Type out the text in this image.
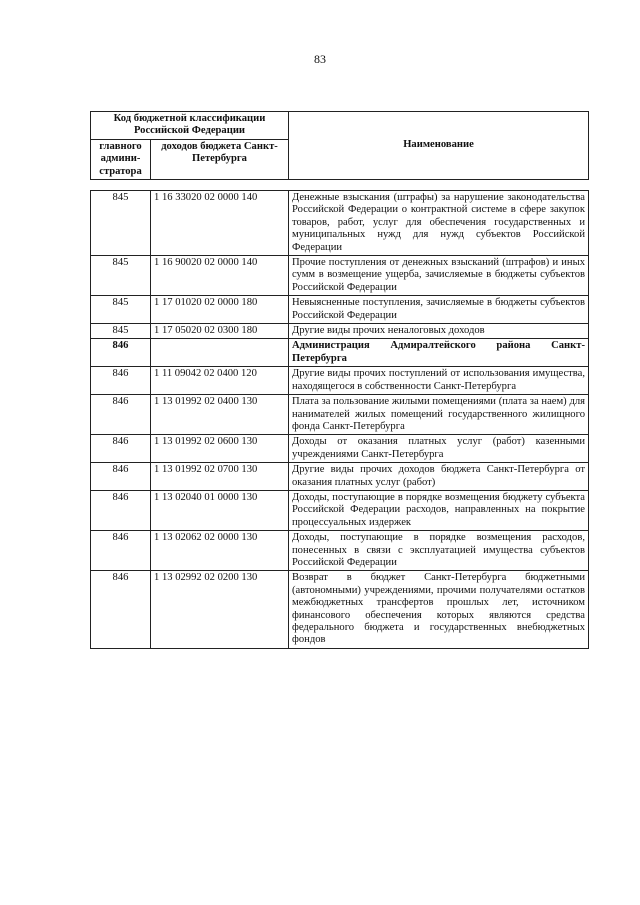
83
Код бюджетной классификации Российской Федерации		Наименование
главного админи-стратора	доходов бюджета Санкт-Петербурга	
845	1 16 33020 02 0000 140	Денежные взыскания (штрафы) за нарушение законодательства Российской Федерации о контрактной системе в сфере закупок товаров, работ, услуг для обеспечения государственных и муниципальных нужд для нужд субъектов Российской Федерации
845	1 16 90020 02 0000 140	Прочие поступления от денежных взысканий (штрафов) и иных сумм в возмещение ущерба, зачисляемые в бюджеты субъектов Российской Федерации
845	1 17 01020 02 0000 180	Невыясненные поступления, зачисляемые в бюджеты субъектов Российской Федерации
845	1 17 05020 02 0300 180	Другие виды прочих неналоговых доходов
846		Администрация Адмиралтейского района Санкт-Петербурга
846	1 11 09042 02 0400 120	Другие виды прочих поступлений от использования имущества, находящегося в собственности Санкт-Петербурга
846	1 13 01992 02 0400 130	Плата за пользование жилыми помещениями (плата за наем) для нанимателей жилых помещений государственного жилищного фонда Санкт-Петербурга
846	1 13 01992 02 0600 130	Доходы от оказания платных услуг (работ) казенными учреждениями Санкт-Петербурга
846	1 13 01992 02 0700 130	Другие виды прочих доходов бюджета Санкт-Петербурга от оказания платных услуг (работ)
846	1 13 02040 01 0000 130	Доходы, поступающие в порядке возмещения бюджету субъекта Российской Федерации расходов, направленных на покрытие процессуальных издержек
846	1 13 02062 02 0000 130	Доходы, поступающие в порядке возмещения расходов, понесенных в связи с эксплуатацией имущества субъектов Российской Федерации
846	1 13 02992 02 0200 130	Возврат в бюджет Санкт-Петербурга бюджетными (автономными) учреждениями, прочими получателями остатков межбюджетных трансфертов прошлых лет, источником финансового обеспечения которых являются средства федерального бюджета и государственных внебюджетных фондов
